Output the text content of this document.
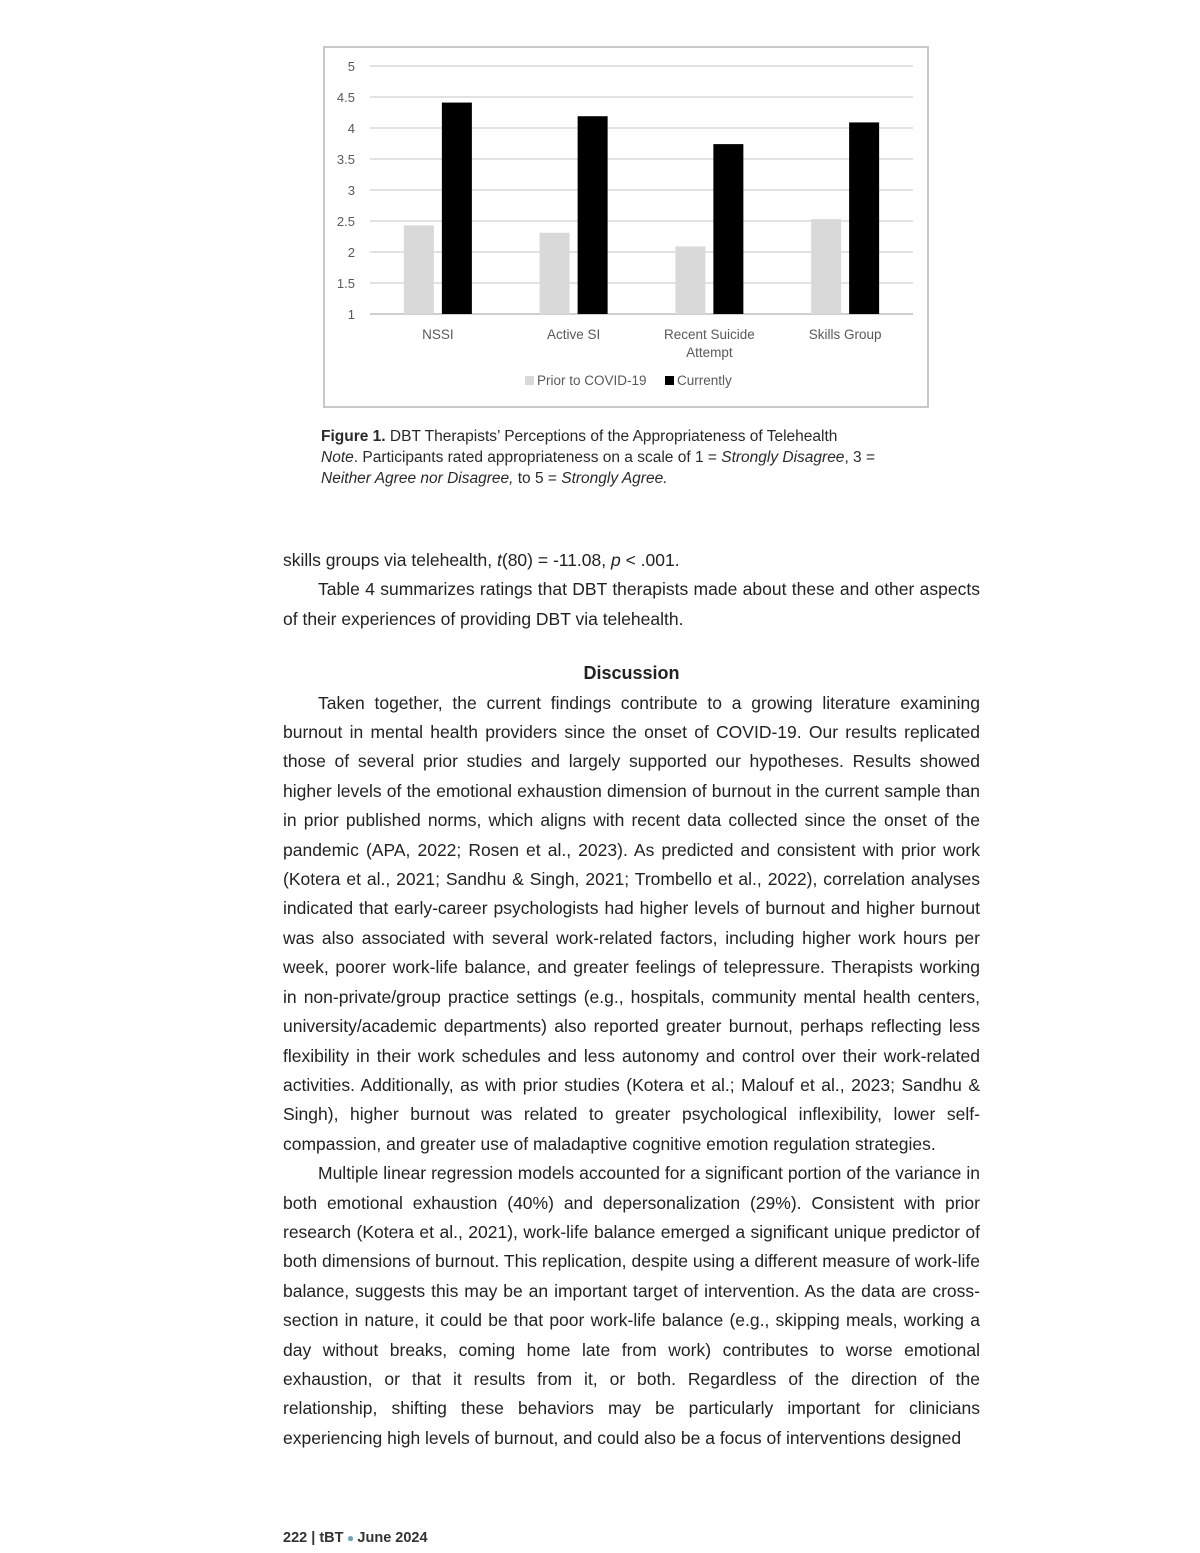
1
1.5
2
2.5
3
3.5
4
4.5
5
NSSI	Active SI	Recent Suicide
Attempt
Skills Group
Prior to COVID-19 Currently

Figure 1. DBT Therapists’ Perceptions of the Appropriateness of Telehealth

Note. Participants rated appropriateness on a scale of 1 = Strongly Disagree, 3 =
Neither Agree nor Disagree, to 5 = Strongly Agree.

skills groups via telehealth, t(80) = -11.08, p < .001.

Table 4 summarizes ratings that DBT therapists made about these and other aspects of their experiences of providing DBT via telehealth.

Discussion

Taken together, the current findings contribute to a growing literature examining burnout in mental health providers since the onset of COVID-19. Our results replicated those of several prior studies and largely supported our hypotheses. Results showed higher levels of the emotional exhaustion dimension of burnout in the current sample than in prior published norms, which aligns with recent data collected since the onset of the pandemic (APA, 2022; Rosen et al., 2023). As predicted and consistent with prior work (Kotera et al., 2021; Sandhu & Singh, 2021; Trombello et al., 2022), correlation analyses indicated that early-career psychologists had higher levels of burnout and higher burnout was also associated with several work-related factors, including higher work hours per week, poorer work-life balance, and greater feelings of telepressure. Therapists working in non-private/group practice settings (e.g., hospitals, community mental health centers, university/academic departments) also reported greater burnout, perhaps reflecting less flexibility in their work schedules and less autonomy and control over their work-related activities. Additionally, as with prior studies (Kotera et al.; Malouf et al., 2023; Sandhu & Singh), higher burnout was related to greater psychological inflexibility, lower self-compassion, and greater use of maladaptive cognitive emotion regulation strategies.

Multiple linear regression models accounted for a significant portion of the variance in both emotional exhaustion (40%) and depersonalization (29%). Consistent with prior research (Kotera et al., 2021), work-life balance emerged a significant unique predictor of both dimensions of burnout. This replication, despite using a different measure of work-life balance, suggests this may be an important target of intervention. As the data are cross-section in nature, it could be that poor work-life balance (e.g., skipping meals, working a day without breaks, coming home late from work) contributes to worse emotional exhaustion, or that it results from it, or both. Regardless of the direction of the relationship, shifting these behaviors may be particularly important for clinicians experiencing high levels of burnout, and could also be a focus of interventions designed

222 | tBT ● June 2024
